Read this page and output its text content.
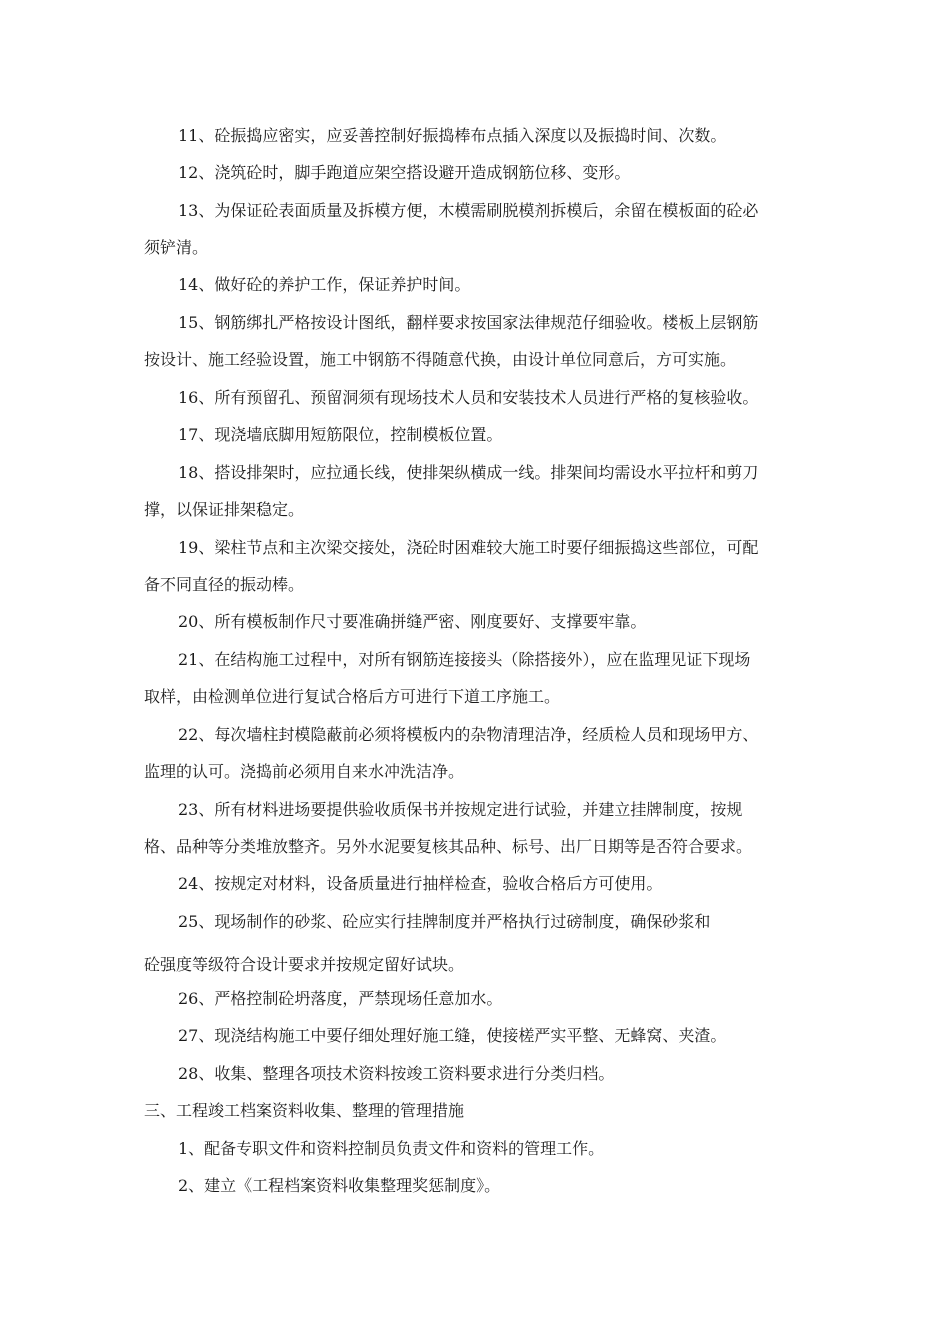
11、砼振捣应密实，应妥善控制好振捣棒布点插入深度以及振捣时间、次数。
12、浇筑砼时，脚手跑道应架空搭设避开造成钢筋位移、变形。
13、为保证砼表面质量及拆模方便，木模需刷脱模剂拆模后，余留在模板面的砼必
须铲清。
14、做好砼的养护工作，保证养护时间。
15、钢筋绑扎严格按设计图纸，翻样要求按国家法律规范仔细验收。楼板上层钢筋
按设计、施工经验设置，施工中钢筋不得随意代换，由设计单位同意后，方可实施。
16、所有预留孔、预留洞须有现场技术人员和安装技术人员进行严格的复核验收。
17、现浇墙底脚用短筋限位，控制模板位置。
18、搭设排架时，应拉通长线，使排架纵横成一线。排架间均需设水平拉杆和剪刀
撑，以保证排架稳定。
19、梁柱节点和主次梁交接处，浇砼时困难较大施工时要仔细振捣这些部位，可配
备不同直径的振动棒。
20、所有模板制作尺寸要准确拼缝严密、刚度要好、支撑要牢靠。
21、在结构施工过程中，对所有钢筋连接接头（除搭接外），应在监理见证下现场
取样，由检测单位进行复试合格后方可进行下道工序施工。
22、每次墙柱封模隐蔽前必须将模板内的杂物清理洁净，经质检人员和现场甲方、
监理的认可。浇捣前必须用自来水冲洗洁净。
23、所有材料进场要提供验收质保书并按规定进行试验，并建立挂牌制度，按规
格、品种等分类堆放整齐。另外水泥要复核其品种、标号、出厂日期等是否符合要求。
24、按规定对材料，设备质量进行抽样检查，验收合格后方可使用。
25、现场制作的砂浆、砼应实行挂牌制度并严格执行过磅制度，确保砂浆和
砼强度等级符合设计要求并按规定留好试块。
26、严格控制砼坍落度，严禁现场任意加水。
27、现浇结构施工中要仔细处理好施工缝，使接槎严实平整、无蜂窝、夹渣。
28、收集、整理各项技术资料按竣工资料要求进行分类归档。
三、工程竣工档案资料收集、整理的管理措施
1、配备专职文件和资料控制员负责文件和资料的管理工作。
2、建立《工程档案资料收集整理奖惩制度》。
